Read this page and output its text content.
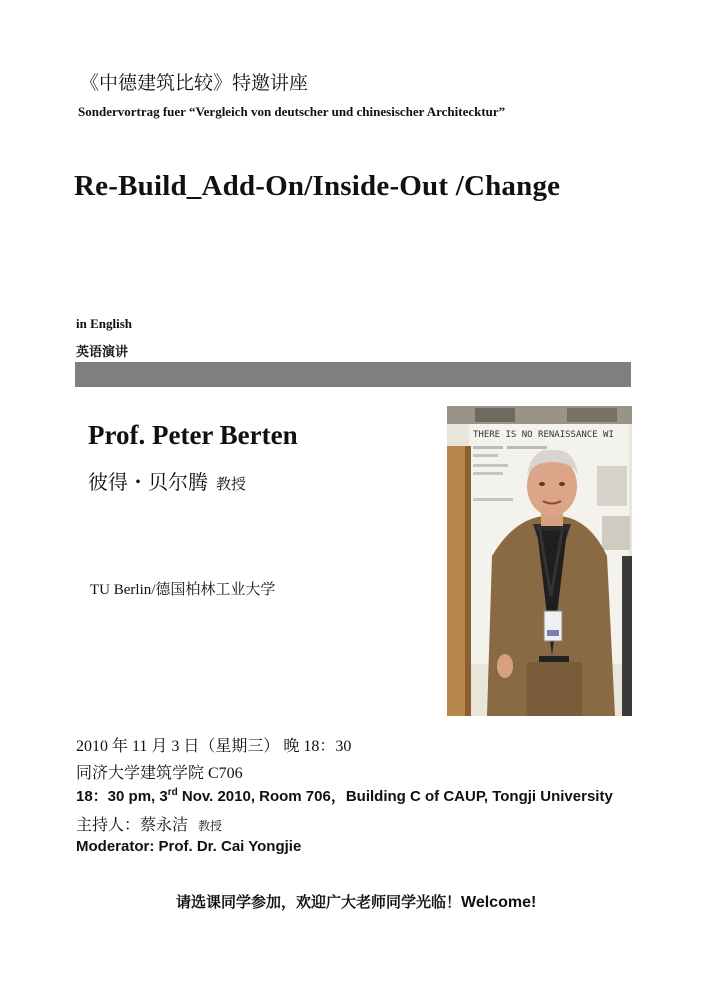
《中德建筑比较》特邀讲座
Sondervortrag fuer “Vergleich von deutscher und chinesischer Architecktur”
Re-Build_Add-On/Inside-Out /Change
in English
英语演讲
Prof. Peter Berten
彼得・贝尔腾 教授
TU Berlin/德国柏林工业大学
THERE IS NO RENAISSANCE WI
2010 年 11 月 3 日（星期三） 晚 18：30
同济大学建筑学院 C706
18：30 pm, 3rd Nov. 2010, Room 706，Building C of CAUP, Tongji University
主持人：蔡永洁 教授
Moderator: Prof. Dr. Cai Yongjie
请选课同学参加，欢迎广大老师同学光临！Welcome!
